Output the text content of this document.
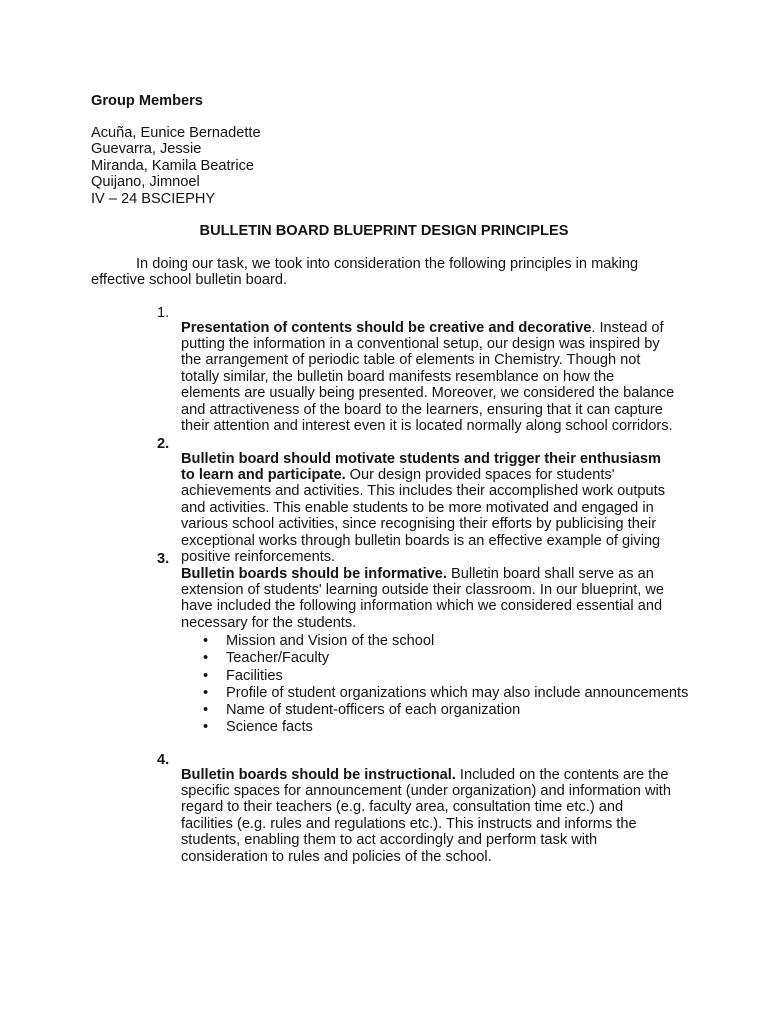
Group Members

Acuña, Eunice Bernadette
Guevarra, Jessie
Miranda, Kamila Beatrice
Quijano, Jimnoel
IV – 24 BSCIEPHY
BULLETIN BOARD BLUEPRINT DESIGN PRINCIPLES

In doing our task, we took into consideration the following principles in making effective school bulletin board.

1.

Presentation of contents should be creative and decorative. Instead of putting the information in a conventional setup, our design was inspired by the arrangement of periodic table of elements in Chemistry. Though not totally similar, the bulletin board manifests resemblance on how the elements are usually being presented. Moreover, we considered the balance and attractiveness of the board to the learners, ensuring that it can capture their attention and interest even it is located normally along school corridors.

2.

Bulletin board should motivate students and trigger their enthusiasm to learn and participate. Our design provided spaces for students' achievements and activities. This includes their accomplished work outputs and activities. This enable students to be more motivated and engaged in various school activities, since recognising their efforts by publicising their exceptional works through bulletin boards is an effective example of giving positive reinforcements.

3.

Bulletin boards should be informative. Bulletin board shall serve as an extension of students' learning outside their classroom. In our blueprint, we have included the following information which we considered essential and necessary for the students.

• Mission and Vision of the school
• Teacher/Faculty
• Facilities
• Profile of student organizations which may also include announcements
• Name of student-officers of each organization
• Science facts
4.

Bulletin boards should be instructional. Included on the contents are the specific spaces for announcement (under organization) and information with regard to their teachers (e.g. faculty area, consultation time etc.) and facilities (e.g. rules and regulations etc.). This instructs and informs the students, enabling them to act accordingly and perform task with consideration to rules and policies of the school.
